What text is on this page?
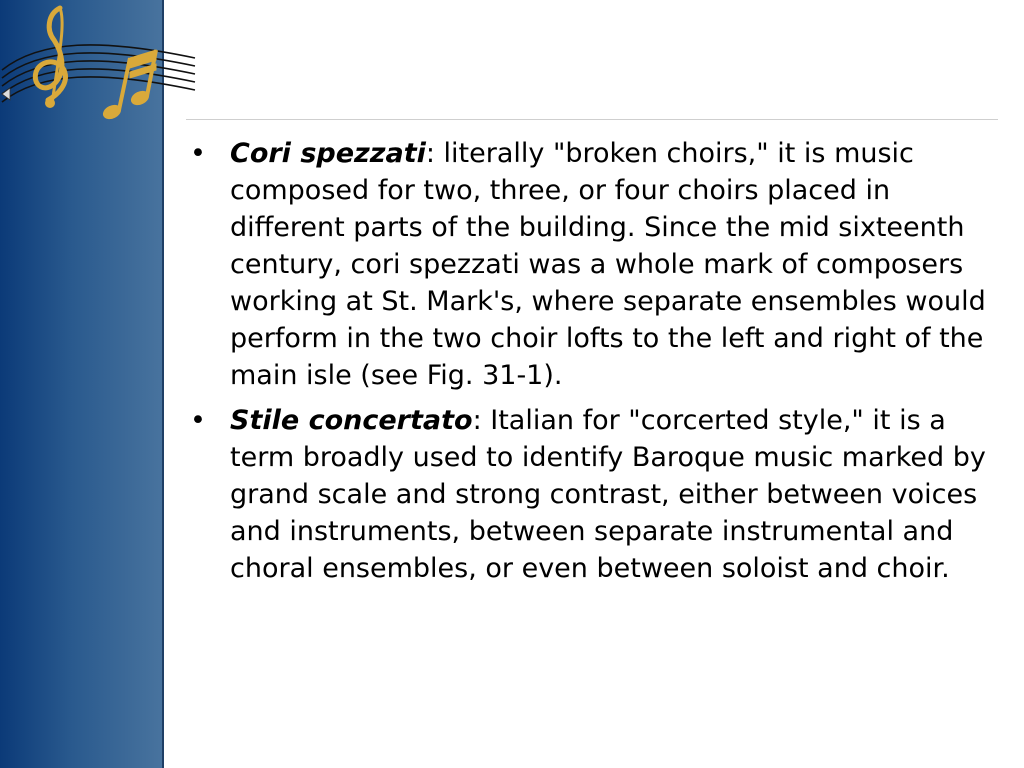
• Cori spezzati: literally "broken choirs," it is music composed for two, three, or four choirs placed in different parts of the building. Since the mid sixteenth century, cori spezzati was a whole mark of composers working at St. Mark's, where separate ensembles would perform in the two choir lofts to the left and right of the main isle (see Fig. 31-1).
• Stile concertato: Italian for "corcerted style," it is a term broadly used to identify Baroque music marked by grand scale and strong contrast, either between voices and instruments, between separate instrumental and choral ensembles, or even between soloist and choir.
